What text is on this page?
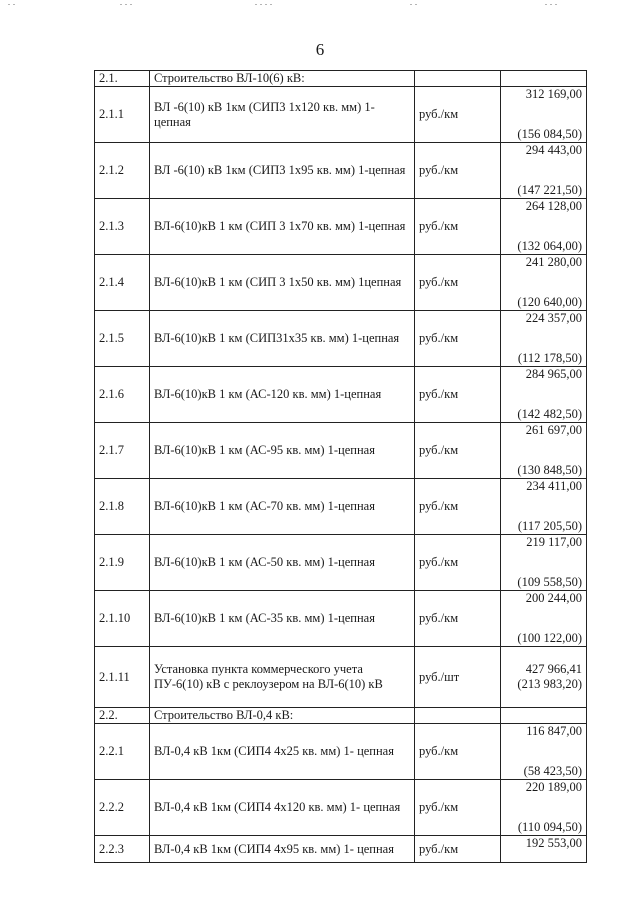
6
2.1.	Строительство ВЛ-10(6) кВ:		
2.1.1	ВЛ -6(10) кВ 1км (СИП3 1х120 кв. мм) 1-цепная	руб./км	312 169,00
(156 084,50)

2.1.2	ВЛ -6(10) кВ 1км (СИП3 1х95 кв. мм) 1-цепная	руб./км	294 443,00
(147 221,50)

2.1.3	ВЛ-6(10)кВ 1 км (СИП 3 1х70 кв. мм) 1-цепная	руб./км	264 128,00
(132 064,00)

2.1.4	ВЛ-6(10)кВ 1 км (СИП 3 1х50 кв. мм) 1цепная	руб./км	241 280,00
(120 640,00)

2.1.5	ВЛ-6(10)кВ 1 км (СИП31х35 кв. мм) 1-цепная	руб./км	224 357,00
(112 178,50)

2.1.6	ВЛ-6(10)кВ 1 км (АС-120 кв. мм) 1-цепная	руб./км	284 965,00
(142 482,50)

2.1.7	ВЛ-6(10)кВ 1 км (АС-95 кв. мм) 1-цепная	руб./км	261 697,00
(130 848,50)

2.1.8	ВЛ-6(10)кВ 1 км (АС-70 кв. мм) 1-цепная	руб./км	234 411,00
(117 205,50)

2.1.9	ВЛ-6(10)кВ 1 км (АС-50 кв. мм) 1-цепная	руб./км	219 117,00
(109 558,50)

2.1.10	ВЛ-6(10)кВ 1 км (АС-35 кв. мм) 1-цепная	руб./км	200 244,00
(100 122,00)

2.1.11	Установка пункта коммерческого учета ПУ-6(10) кВ с реклоузером на ВЛ-6(10) кВ	руб./шт	427 966,41
(213 983,20)

2.2.	Строительство ВЛ-0,4 кВ:		
2.2.1	ВЛ-0,4 кВ 1км (СИП4 4х25 кв. мм) 1- цепная	руб./км	116 847,00
(58 423,50)

2.2.2	ВЛ-0,4 кВ 1км (СИП4 4х120 кв. мм) 1- цепная	руб./км	220 189,00
(110 094,50)

2.2.3	ВЛ-0,4 кВ 1км (СИП4 4х95 кв. мм) 1- цепная	руб./км	192 553,00
